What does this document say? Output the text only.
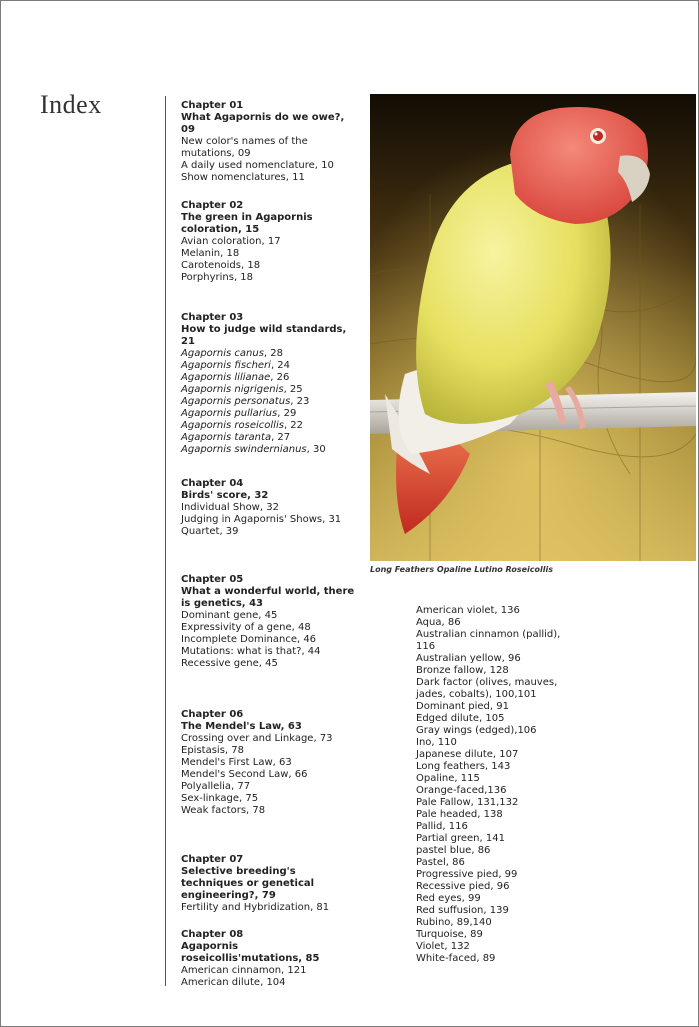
Index	Chapter 01
What Agapornis do we owe?, 09
New color's names of the mutations, 09
A daily used nomenclature, 10
Show nomenclatures, 11
Chapter 02
The green in Agapornis coloration, 15
Avian coloration, 17
Melanin, 18
Carotenoids, 18
Porphyrins, 18
Chapter 03
How to judge wild standards, 21
Agapornis canus, 28
Agapornis fischeri, 24
Agapornis lilianae, 26
Agapornis nigrigenis, 25
Agapornis personatus, 23
Agapornis pullarius, 29
Agapornis roseicollis, 22
Agapornis taranta, 27
Agapornis swindernianus, 30
Chapter 04
Birds' score, 32
Individual Show, 32
Judging in Agapornis' Shows, 31
Quartet, 39
Chapter 05
What a wonderful world, there is genetics, 43
Dominant gene, 45
Expressivity of a gene, 48
Incomplete Dominance, 46
Mutations: what is that?, 44
Recessive gene, 45
Chapter 06
The Mendel's Law, 63
Crossing over and Linkage, 73
Epistasis, 78
Mendel's First Law, 63
Mendel's Second Law, 66
Polyallelia, 77
Sex-linkage, 75
Weak factors, 78
Chapter 07
Selective breeding's techniques or genetical engineering?, 79
Fertility and Hybridization, 81
Chapter 08
Agapornis roseicollis'mutations, 85
American cinnamon, 121
American dilute, 104
Long Feathers Opaline Lutino Roseicollis
American violet, 136
Aqua, 86
Australian cinnamon (pallid), 116
Australian yellow, 96
Bronze fallow, 128
Dark factor (olives, mauves, jades, cobalts), 100,101
Dominant pied, 91
Edged dilute, 105
Gray wings (edged),106
Ino, 110
Japanese dilute, 107
Long feathers, 143
Opaline, 115
Orange-faced,136
Pale Fallow, 131,132
Pale headed, 138
Pallid, 116
Partial green, 141
pastel blue, 86
Pastel, 86
Progressive pied, 99
Recessive pied, 96
Red eyes, 99
Red suffusion, 139
Rubino, 89,140
Turquoise, 89
Violet, 132
White-faced, 89
